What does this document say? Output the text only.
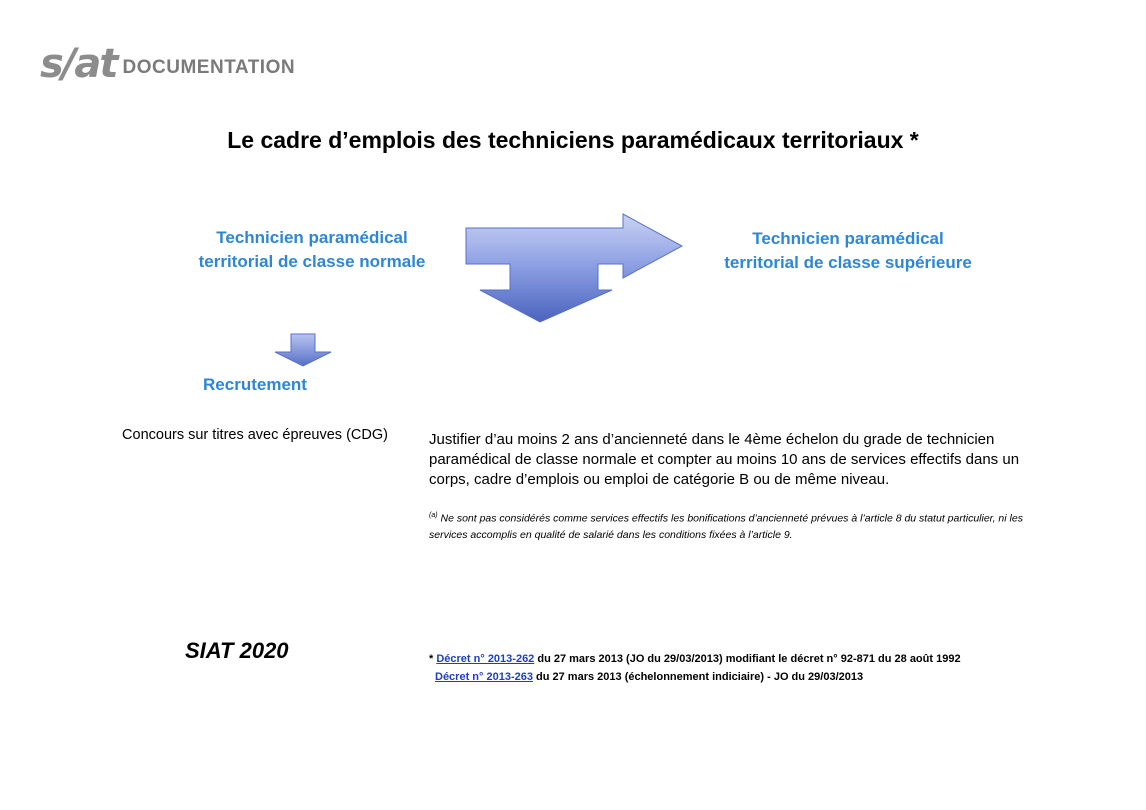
s/at DOCUMENTATION
Le cadre d’emplois des techniciens paramédicaux territoriaux *
Technicien paramédical
territorial de classe normale
Technicien paramédical
territorial de classe supérieure
Recrutement
Concours sur titres avec épreuves (CDG)	Justifier d’au moins 2 ans d’ancienneté dans le 4ème échelon du grade de technicien paramédical de classe normale et compter au moins 10 ans de services effectifs dans un corps, cadre d’emplois ou emploi de catégorie B ou de même niveau.
$^{(a)}$ Ne sont pas considérés comme services effectifs les bonifications d’ancienneté prévues à l’article 8 du statut particulier, ni les services accomplis en qualité de salarié dans les conditions fixées à l’article 9.
SIAT 2020	* Décret n° 2013-262 du 27 mars 2013 (JO du 29/03/2013) modifiant le décret n° 92-871 du 28 août 1992
Décret n° 2013-263 du 27 mars 2013 (échelonnement indiciaire) - JO du 29/03/2013
